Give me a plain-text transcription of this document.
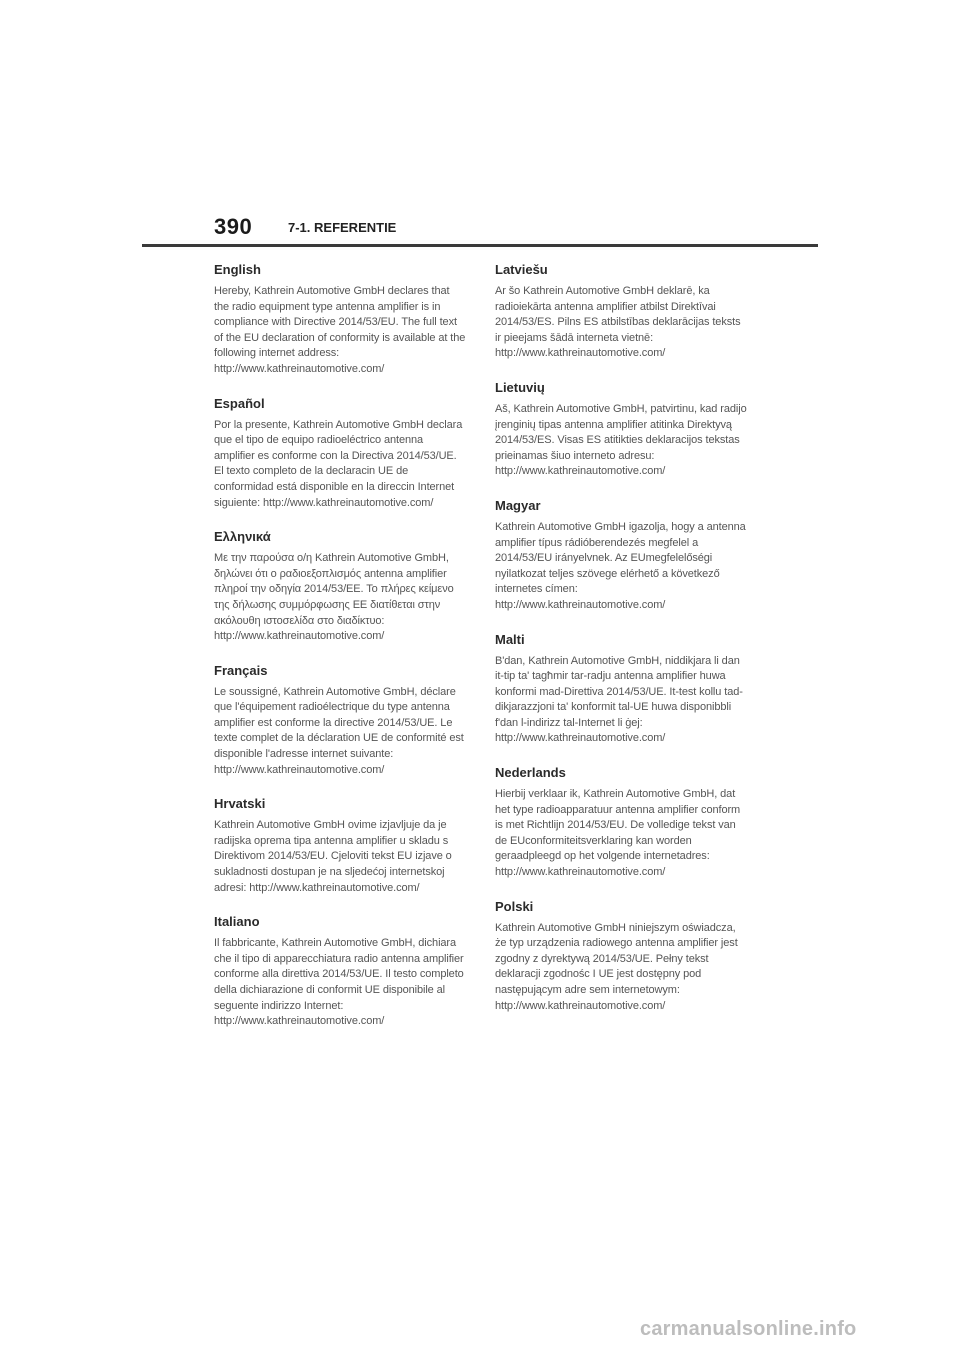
390	7-1. REFERENTIE
English

Hereby, Kathrein Automotive GmbH declares that the radio equipment type antenna amplifier is in compliance with Directive 2014/53/EU. The full text of the EU declaration of conformity is available at the following internet address: http://www.kathreinautomotive.com/

Español

Por la presente, Kathrein Automotive GmbH declara que el tipo de equipo radioeléctrico antenna amplifier es conforme con la Directiva 2014/53/UE. El texto completo de la declaracin UE de conformidad está disponible en la direccin Internet siguiente: http://www.kathreinautomotive.com/

Ελληνικά

Με την παρούσα ο/η Kathrein Automotive GmbH, δηλώνει ότι ο ραδιοεξοπλισμός antenna amplifier πληροί την οδηγία 2014/53/ΕΕ. Το πλήρες κείμενο της δήλωσης συμμόρφωσης ΕΕ διατίθεται στην ακόλουθη ιστοσελίδα στο διαδίκτυο: http://www.kathreinautomotive.com/

Français

Le soussigné, Kathrein Automotive GmbH, déclare que l'équipement radioélectrique du type antenna amplifier est conforme la directive 2014/53/UE. Le texte complet de la déclaration UE de conformité est disponible l'adresse internet suivante: http://www.kathreinautomotive.com/

Hrvatski

Kathrein Automotive GmbH ovime izjavljuje da je radijska oprema tipa antenna amplifier u skladu s Direktivom 2014/53/EU. Cjeloviti tekst EU izjave o sukladnosti dostupan je na sljedećoj internetskoj adresi: http://www.kathreinautomotive.com/

Italiano

Il fabbricante, Kathrein Automotive GmbH, dichiara che il tipo di apparecchiatura radio antenna amplifier conforme alla direttiva 2014/53/UE. Il testo completo della dichiarazione di conformit UE disponibile al seguente indirizzo Internet: http://www.kathreinautomotive.com/

Latviešu

Ar šo Kathrein Automotive GmbH deklarē, ka radioiekārta antenna amplifier atbilst Direktīvai 2014/53/ES. Pilns ES atbilstības deklarācijas teksts ir pieejams šādā interneta vietnē: http://www.kathreinautomotive.com/

Lietuvių

Aš, Kathrein Automotive GmbH, patvirtinu, kad radijo įrenginių tipas antenna amplifier atitinka Direktyvą 2014/53/ES. Visas ES atitikties deklaracijos tekstas prieinamas šiuo interneto adresu: http://www.kathreinautomotive.com/

Magyar

Kathrein Automotive GmbH igazolja, hogy a antenna amplifier típus rádióberendezés megfelel a 2014/53/EU irányelvnek. Az EUmegfelelőségi nyilatkozat teljes szövege elérhető a következő internetes címen: http://www.kathreinautomotive.com/

Malti

B'dan, Kathrein Automotive GmbH, niddikjara li dan it-tip ta' tagħmir tar-radju antenna amplifier huwa konformi mad-Direttiva 2014/53/UE. It-test kollu tad-dikjarazzjoni ta' konformit tal-UE huwa disponibbli f'dan l-indirizz tal-Internet li ġej: http://www.kathreinautomotive.com/

Nederlands

Hierbij verklaar ik, Kathrein Automotive GmbH, dat het type radioapparatuur antenna amplifier conform is met Richtlijn 2014/53/EU. De volledige tekst van de EUconformiteitsverklaring kan worden geraadpleegd op het volgende internetadres: http://www.kathreinautomotive.com/

Polski

Kathrein Automotive GmbH niniejszym oświadcza, że typ urządzenia radiowego antenna amplifier jest zgodny z dyrektywą 2014/53/UE. Pełny tekst deklaracji zgodnośc I UE jest dostępny pod następującym adre sem internetowym: http://www.kathreinautomotive.com/

carmanualsonline.info
